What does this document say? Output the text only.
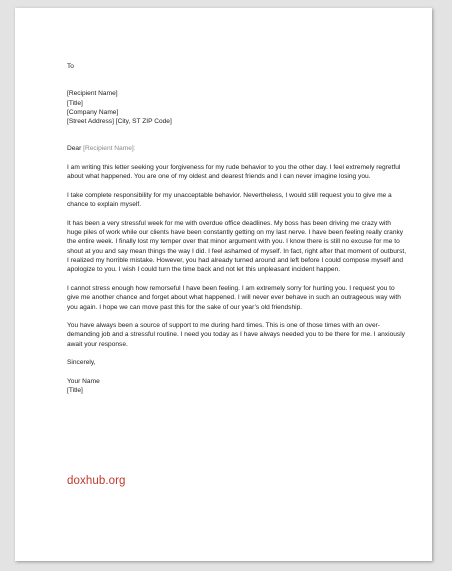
To

[Recipient Name]
[Title]
[Company Name]
[Street Address] [City, ST ZIP Code]

Dear [Recipient Name]:

I am writing this letter seeking your forgiveness for my rude behavior to you the other day. I feel extremely regretful about what happened. You are one of my oldest and dearest friends and I can never imagine losing you.

I take complete responsibility for my unacceptable behavior. Nevertheless, I would still request you to give me a chance to explain myself.

It has been a very stressful week for me with overdue office deadlines. My boss has been driving me crazy with huge piles of work while our clients have been constantly getting on my last nerve. I have been feeling really cranky the entire week. I finally lost my temper over that minor argument with you. I know there is still no excuse for me to shout at you and say mean things the way I did. I feel ashamed of myself. In fact, right after that moment of outburst, I realized my horrible mistake. However, you had already turned around and left before I could compose myself and apologize to you. I wish I could turn the time back and not let this unpleasant incident happen.

I cannot stress enough how remorseful I have been feeling. I am extremely sorry for hurting you. I request you to give me another chance and forget about what happened. I will never ever behave in such an outrageous way with you again. I hope we can move past this for the sake of our year’s old friendship.

You have always been a source of support to me during hard times. This is one of those times with an over-demanding job and a stressful routine. I need you today as I have always needed you to be there for me. I anxiously await your response.

Sincerely,

Your Name
[Title]
doxhub.org
